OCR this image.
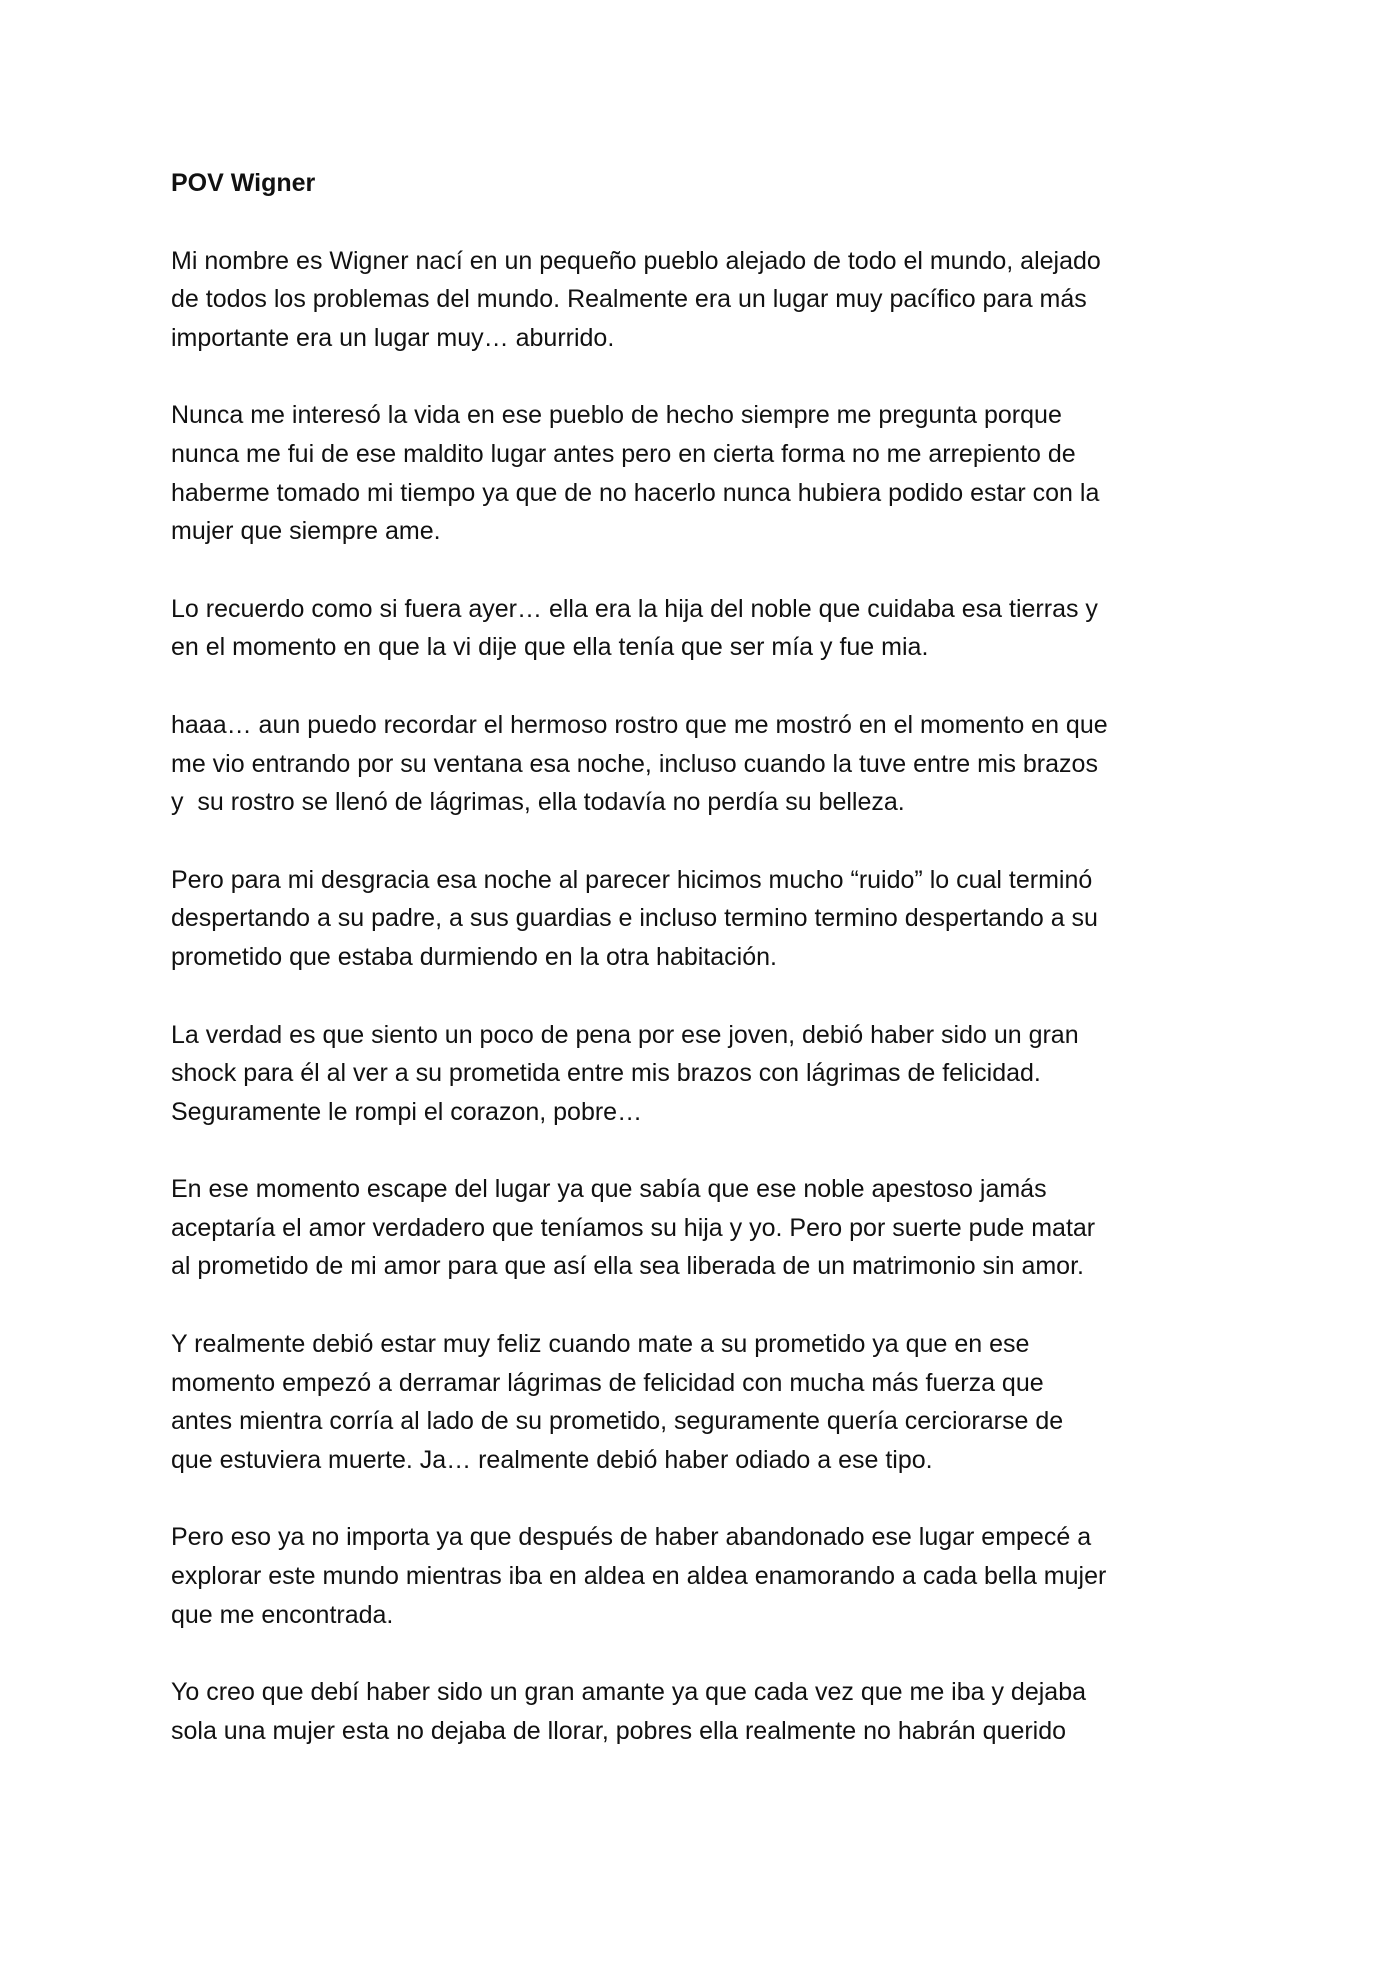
POV Wigner
Mi nombre es Wigner nací en un pequeño pueblo alejado de todo el mundo, alejado
de todos los problemas del mundo. Realmente era un lugar muy pacífico para más
importante era un lugar muy… aburrido.
Nunca me interesó la vida en ese pueblo de hecho siempre me pregunta porque
nunca me fui de ese maldito lugar antes pero en cierta forma no me arrepiento de
haberme tomado mi tiempo ya que de no hacerlo nunca hubiera podido estar con la
mujer que siempre ame.
Lo recuerdo como si fuera ayer… ella era la hija del noble que cuidaba esa tierras y
en el momento en que la vi dije que ella tenía que ser mía y fue mia.
haaa… aun puedo recordar el hermoso rostro que me mostró en el momento en que
me vio entrando por su ventana esa noche, incluso cuando la tuve entre mis brazos
y  su rostro se llenó de lágrimas, ella todavía no perdía su belleza.
Pero para mi desgracia esa noche al parecer hicimos mucho “ruido” lo cual terminó
despertando a su padre, a sus guardias e incluso termino termino despertando a su
prometido que estaba durmiendo en la otra habitación.
La verdad es que siento un poco de pena por ese joven, debió haber sido un gran
shock para él al ver a su prometida entre mis brazos con lágrimas de felicidad.
Seguramente le rompi el corazon, pobre…
En ese momento escape del lugar ya que sabía que ese noble apestoso jamás
aceptaría el amor verdadero que teníamos su hija y yo. Pero por suerte pude matar
al prometido de mi amor para que así ella sea liberada de un matrimonio sin amor.
Y realmente debió estar muy feliz cuando mate a su prometido ya que en ese
momento empezó a derramar lágrimas de felicidad con mucha más fuerza que
antes mientra corría al lado de su prometido, seguramente quería cerciorarse de
que estuviera muerte. Ja… realmente debió haber odiado a ese tipo.
Pero eso ya no importa ya que después de haber abandonado ese lugar empecé a
explorar este mundo mientras iba en aldea en aldea enamorando a cada bella mujer
que me encontrada.
Yo creo que debí haber sido un gran amante ya que cada vez que me iba y dejaba
sola una mujer esta no dejaba de llorar, pobres ella realmente no habrán querido
